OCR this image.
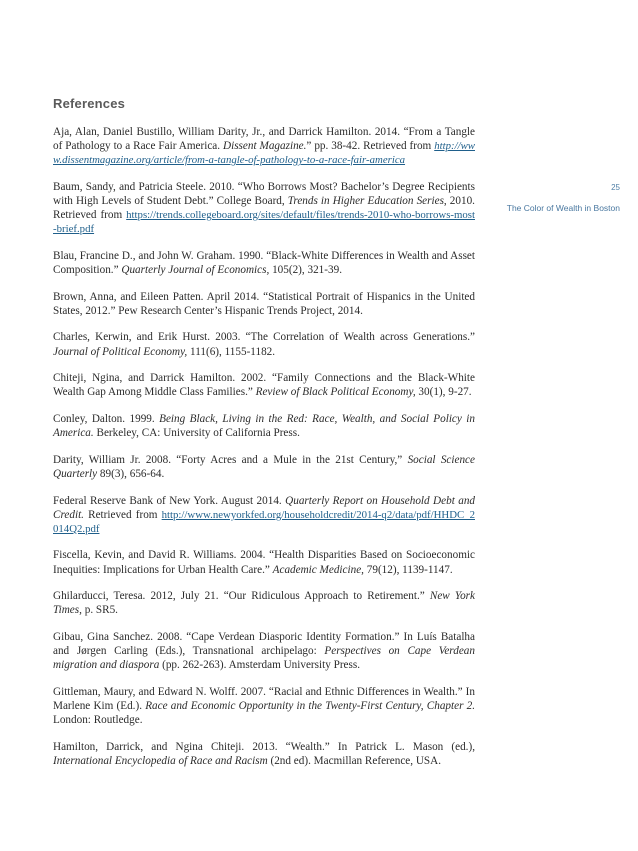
References

Aja, Alan, Daniel Bustillo, William Darity, Jr., and Darrick Hamilton. 2014. “From a Tangle of Pathology to a Race Fair America. Dissent Magazine.” pp. 38-42. Retrieved from http://www.dissentmagazine.org/article/from-a-tangle-of-pathology-to-a-race-fair-america

Baum, Sandy, and Patricia Steele. 2010. “Who Borrows Most? Bachelor’s Degree Recipients with High Levels of Student Debt.” College Board, Trends in Higher Education Series, 2010. Retrieved from https://trends.collegeboard.org/sites/default/files/trends-2010-who-borrows-most-brief.pdf

Blau, Francine D., and John W. Graham. 1990. “Black-White Differences in Wealth and Asset Composition.” Quarterly Journal of Economics, 105(2), 321-39.

Brown, Anna, and Eileen Patten. April 2014. “Statistical Portrait of Hispanics in the United States, 2012.” Pew Research Center’s Hispanic Trends Project, 2014.

Charles, Kerwin, and Erik Hurst. 2003. “The Correlation of Wealth across Generations.” Journal of Political Economy, 111(6), 1155-1182.

Chiteji, Ngina, and Darrick Hamilton. 2002. “Family Connections and the Black-White Wealth Gap Among Middle Class Families.” Review of Black Political Economy, 30(1), 9-27.

Conley, Dalton. 1999. Being Black, Living in the Red: Race, Wealth, and Social Policy in America. Berkeley, CA: University of California Press.

Darity, William Jr. 2008. “Forty Acres and a Mule in the 21st Century,” Social Science Quarterly 89(3), 656-64.

Federal Reserve Bank of New York. August 2014. Quarterly Report on Household Debt and Credit. Retrieved from http://www.newyorkfed.org/householdcredit/2014-q2/data/pdf/HHDC_2014Q2.pdf

Fiscella, Kevin, and David R. Williams. 2004. “Health Disparities Based on Socioeconomic Inequities: Implications for Urban Health Care.” Academic Medicine, 79(12), 1139-1147.

Ghilarducci, Teresa. 2012, July 21. “Our Ridiculous Approach to Retirement.” New York Times, p. SR5.

Gibau, Gina Sanchez. 2008. “Cape Verdean Diasporic Identity Formation.” In Luís Batalha and Jørgen Carling (Eds.), Transnational archipelago: Perspectives on Cape Verdean migration and diaspora (pp. 262-263). Amsterdam University Press.

Gittleman, Maury, and Edward N. Wolff. 2007. “Racial and Ethnic Differences in Wealth.” In Marlene Kim (Ed.). Race and Economic Opportunity in the Twenty-First Century, Chapter 2. London: Routledge.

Hamilton, Darrick, and Ngina Chiteji. 2013. “Wealth.” In Patrick L. Mason (ed.), International Encyclopedia of Race and Racism (2nd ed). Macmillan Reference, USA.

25
The Color of Wealth in Boston
